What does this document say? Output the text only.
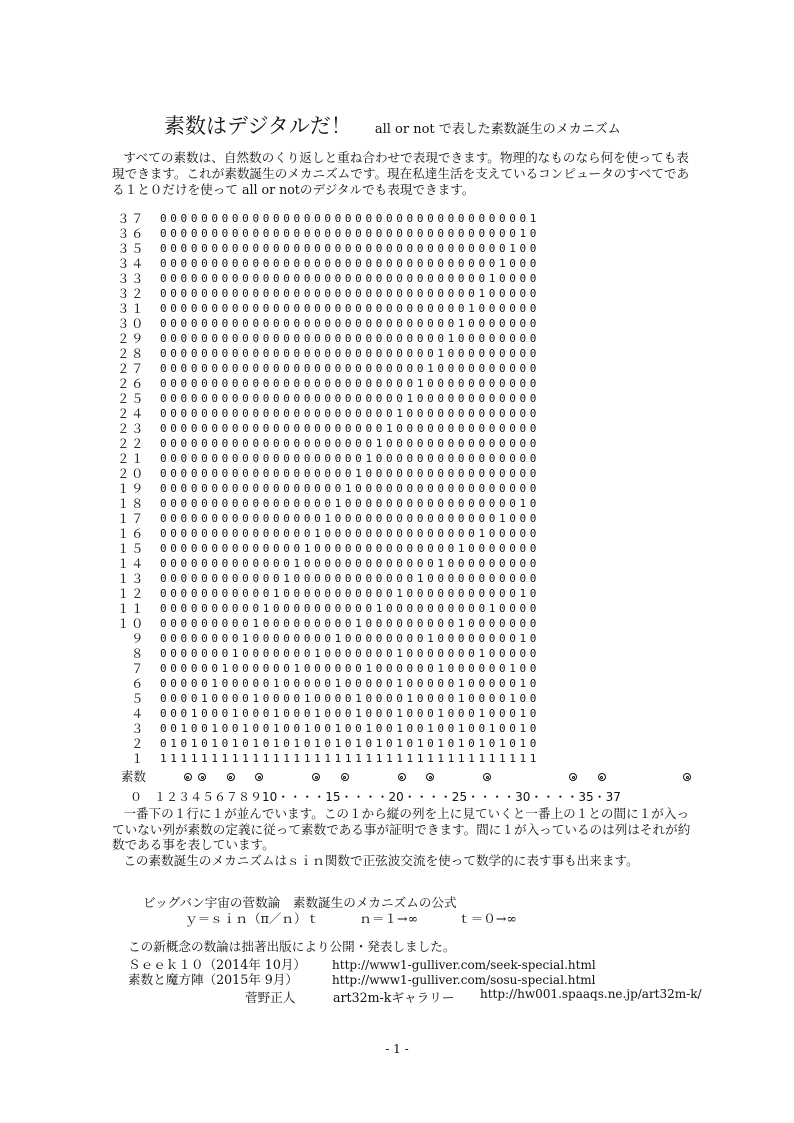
素数はデジタルだ！ all or not で表した素数誕生のメカニズム

すべての素数は、自然数のくり返しと重ね合わせで表現できます。物理的なものなら何を使っても表現できます。これが素数誕生のメカニズムです。現在私達生活を支えているコンピュータのすべてである１と０だけを使って all or notのデジタルでも表現できます。

３７ 0000000000000000000000000000000000001
３６ 0000000000000000000000000000000000010
３５ 0000000000000000000000000000000000100
３４ 0000000000000000000000000000000001000
３３ 0000000000000000000000000000000010000
３２ 0000000000000000000000000000000100000
３１ 0000000000000000000000000000001000000
３０ 0000000000000000000000000000010000000
２９ 0000000000000000000000000000100000000
２８ 0000000000000000000000000001000000000
２７ 0000000000000000000000000010000000000
２６ 0000000000000000000000000100000000000
２５ 0000000000000000000000001000000000000
２４ 0000000000000000000000010000000000000
２３ 0000000000000000000000100000000000000
２２ 0000000000000000000001000000000000000
２１ 0000000000000000000010000000000000000
２０ 0000000000000000000100000000000000000
１９ 0000000000000000001000000000000000000
１８ 0000000000000000010000000000000000010
１７ 0000000000000000100000000000000001000
１６ 0000000000000001000000000000000100000
１５ 0000000000000010000000000000010000000
１４ 0000000000000100000000000001000000000
１３ 0000000000001000000000000100000000000
１２ 0000000000010000000000010000000000010
１１ 0000000000100000000001000000000010000
１０ 0000000001000000000100000000010000000
９ 0000000010000000010000000010000000010
８ 0000000100000001000000010000000100000
７ 0000001000000100000010000001000000100
６ 0000010000010000010000010000010000010
５ 0000100001000010000100001000010000100
４ 0001000100010001000100010001000100010
３ 0010010010010010010010010010010010010
２ 0101010101010101010101010101010101010
１ 1111111111111111111111111111111111111
素数
０　１２３４５６７８９10・・・・15・・・・20・・・・25・・・・30・・・・35・37

一番下の１行に１が並んでいます。この１から縦の列を上に見ていくと一番上の１との間に１が入っていない列が素数の定義に従って素数である事が証明できます。間に１が入っているのは列はそれが約数である事を表しています。

この素数誕生のメカニズムはｓｉｎ関数で正弦波交流を使って数学的に表す事も出来ます。

ビッグバン宇宙の菅数論　素数誕生のメカニズムの公式
ｙ＝ｓｉｎ（π／ｎ）ｔ	ｎ＝１→∞	ｔ＝０→∞
この新概念の数論は拙著出版により公開・発表しました。
Ｓｅｅｋ１０（2014年 10月） http://www1-gulliver.com/seek-special.html
素数と魔方陣（2015年 9月）	http://www1-gulliver.com/sosu-special.html
菅野正人	art32m-kギャラリー http://hw001.spaaqs.ne.jp/art32m-k/
- 1 -
